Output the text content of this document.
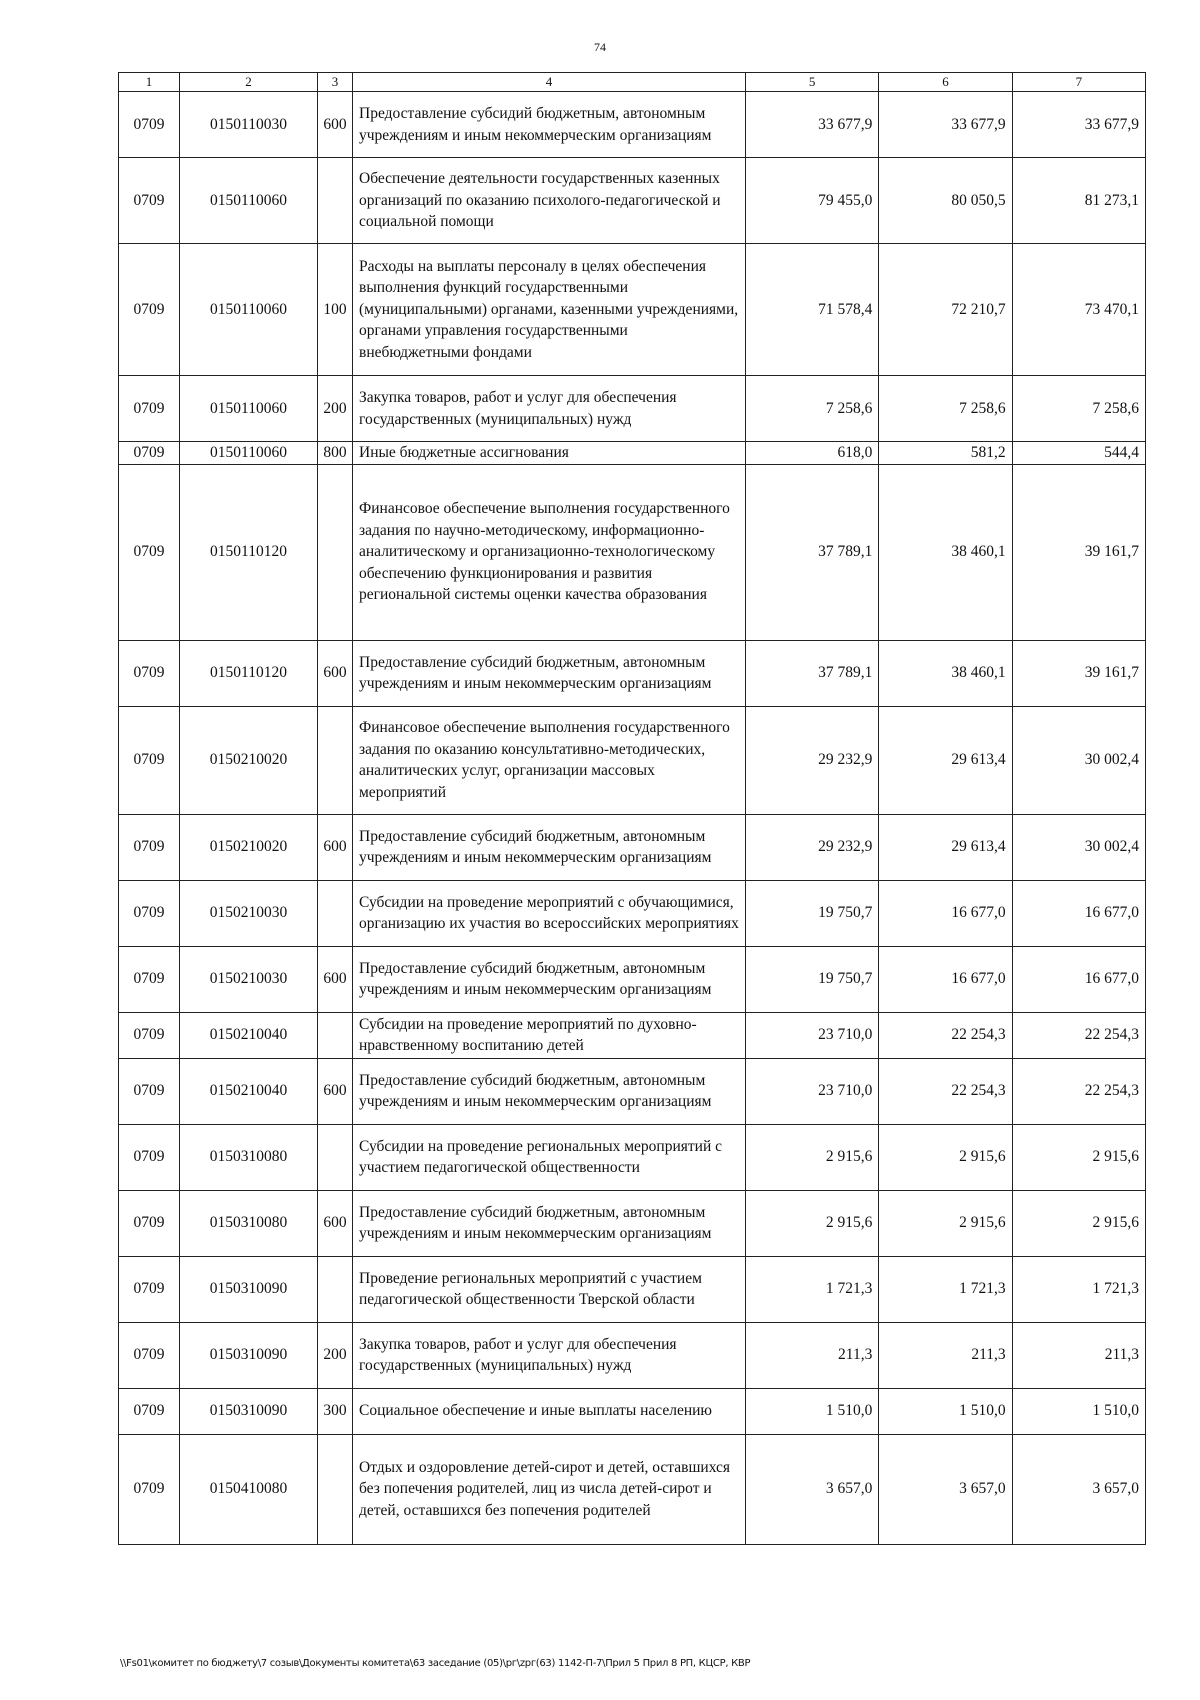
74
1	2	3	4	5	6	7
0709	0150110030	600	Предоставление субсидий бюджетным, автономным учреждениям и иным некоммерческим организациям	33 677,9	33 677,9	33 677,9
0709	0150110060		Обеспечение деятельности государственных казенных организаций по оказанию психолого-педагогической и социальной помощи	79 455,0	80 050,5	81 273,1
0709	0150110060	100	Расходы на выплаты персоналу в целях обеспечения выполнения функций государственными (муниципальными) органами, казенными учреждениями, органами управления государственными внебюджетными фондами	71 578,4	72 210,7	73 470,1
0709	0150110060	200	Закупка товаров, работ и услуг для обеспечения государственных (муниципальных) нужд	7 258,6	7 258,6	7 258,6
0709	0150110060	800	Иные бюджетные ассигнования	618,0	581,2	544,4
0709	0150110120		Финансовое обеспечение выполнения государственного задания по научно-методическому, информационно-аналитическому и организационно-технологическому обеспечению функционирования и развития региональной системы оценки качества образования	37 789,1	38 460,1	39 161,7
0709	0150110120	600	Предоставление субсидий бюджетным, автономным учреждениям и иным некоммерческим организациям	37 789,1	38 460,1	39 161,7
0709	0150210020		Финансовое обеспечение выполнения государственного задания по оказанию консультативно-методических, аналитических услуг, организации массовых мероприятий	29 232,9	29 613,4	30 002,4
0709	0150210020	600	Предоставление субсидий бюджетным, автономным учреждениям и иным некоммерческим организациям	29 232,9	29 613,4	30 002,4
0709	0150210030		Субсидии на проведение мероприятий с обучающимися, организацию их участия во всероссийских мероприятиях	19 750,7	16 677,0	16 677,0
0709	0150210030	600	Предоставление субсидий бюджетным, автономным учреждениям и иным некоммерческим организациям	19 750,7	16 677,0	16 677,0
0709	0150210040		Субсидии на проведение мероприятий по духовно-нравственному воспитанию детей	23 710,0	22 254,3	22 254,3
0709	0150210040	600	Предоставление субсидий бюджетным, автономным учреждениям и иным некоммерческим организациям	23 710,0	22 254,3	22 254,3
0709	0150310080		Субсидии на проведение региональных мероприятий с участием педагогической общественности	2 915,6	2 915,6	2 915,6
0709	0150310080	600	Предоставление субсидий бюджетным, автономным учреждениям и иным некоммерческим организациям	2 915,6	2 915,6	2 915,6
0709	0150310090		Проведение региональных мероприятий с участием педагогической общественности Тверской области	1 721,3	1 721,3	1 721,3
0709	0150310090	200	Закупка товаров, работ и услуг для обеспечения государственных (муниципальных) нужд	211,3	211,3	211,3
0709	0150310090	300	Социальное обеспечение и иные выплаты населению	1 510,0	1 510,0	1 510,0
0709	0150410080		Отдых и оздоровление детей-сирот и детей, оставшихся без попечения родителей, лиц из числа детей-сирот и детей, оставшихся без попечения родителей	3 657,0	3 657,0	3 657,0
\\Fs01\комитет по бюджету\7 созыв\Документы комитета\63 заседание (05)\рг\zрг(63) 1142-П-7\Прил 5 Прил 8 РП, КЦСР, КВР
